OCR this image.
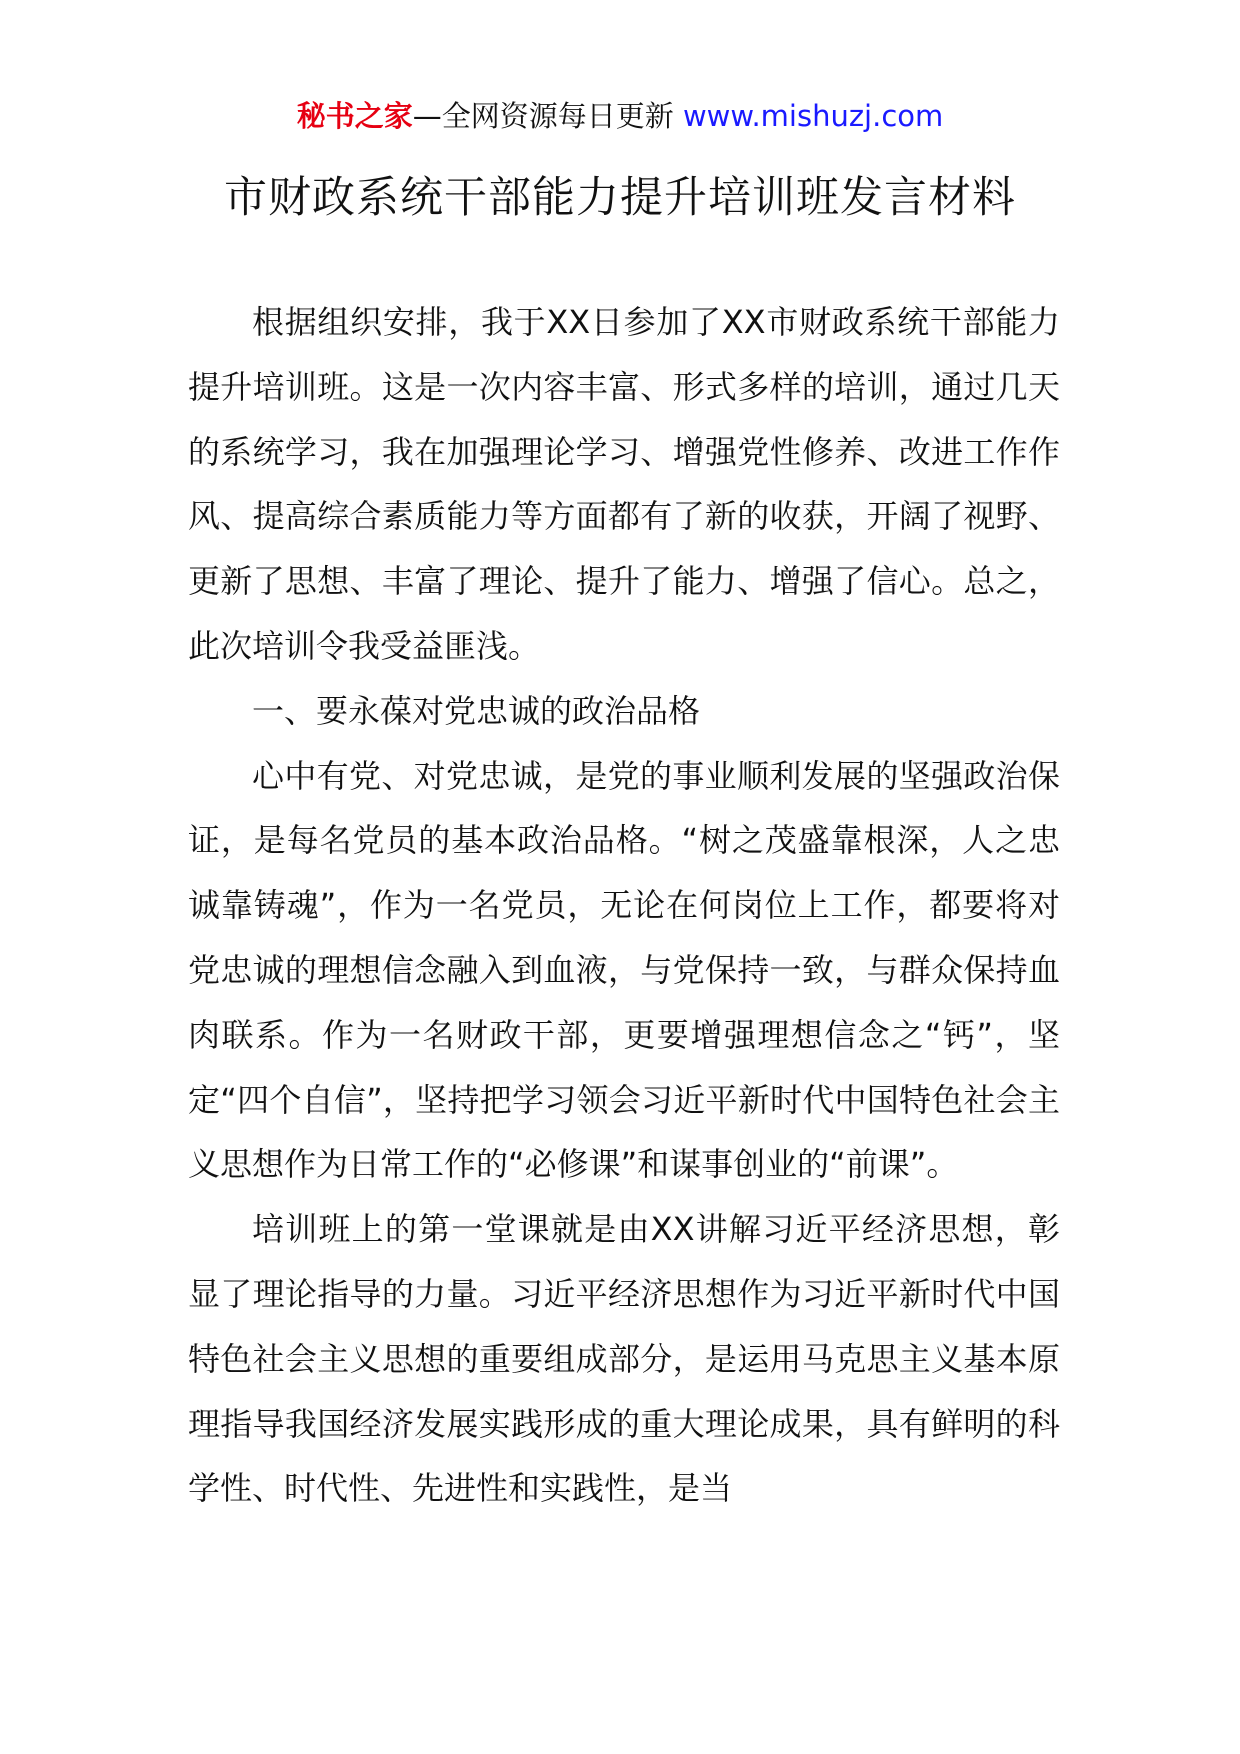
秘书之家—全网资源每日更新 www.mishuzj.com
市财政系统干部能力提升培训班发言材料

根据组织安排，我于XX日参加了XX市财政系统干部能力提升培训班。这是一次内容丰富、形式多样的培训，通过几天的系统学习，我在加强理论学习、增强党性修养、改进工作作风、提高综合素质能力等方面都有了新的收获，开阔了视野、更新了思想、丰富了理论、提升了能力、增强了信心。总之，此次培训令我受益匪浅。

一、要永葆对党忠诚的政治品格

心中有党、对党忠诚，是党的事业顺利发展的坚强政治保证，是每名党员的基本政治品格。“树之茂盛靠根深，人之忠诚靠铸魂”，作为一名党员，无论在何岗位上工作，都要将对党忠诚的理想信念融入到血液，与党保持一致，与群众保持血肉联系。作为一名财政干部，更要增强理想信念之“钙”，坚定“四个自信”，坚持把学习领会习近平新时代中国特色社会主义思想作为日常工作的“必修课”和谋事创业的“前课”。

培训班上的第一堂课就是由XX讲解习近平经济思想，彰显了理论指导的力量。习近平经济思想作为习近平新时代中国特色社会主义思想的重要组成部分，是运用马克思主义基本原理指导我国经济发展实践形成的重大理论成果，具有鲜明的科学性、时代性、先进性和实践性，是当
